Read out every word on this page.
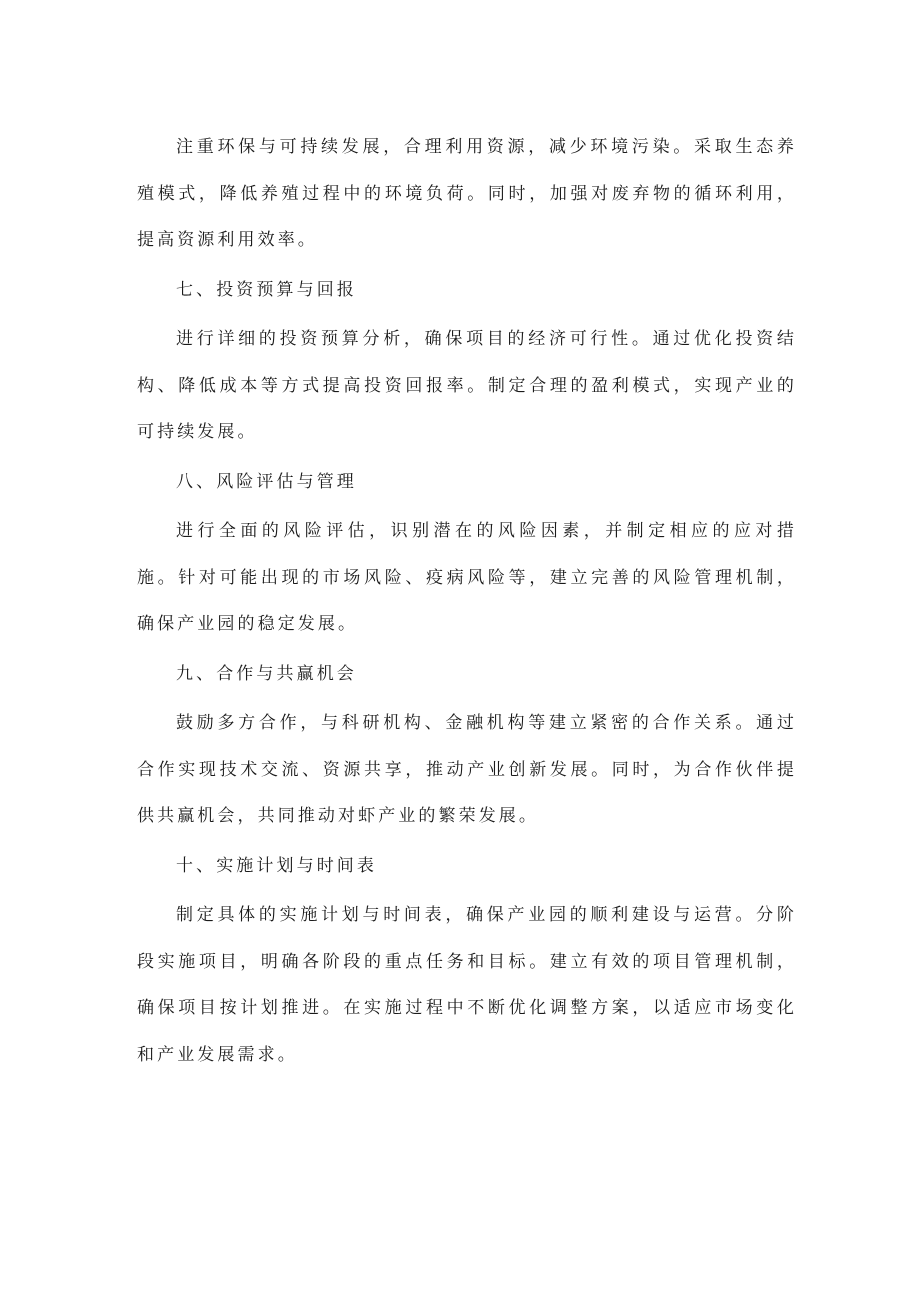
注重环保与可持续发展，合理利用资源，减少环境污染。采取生态养殖模式，降低养殖过程中的环境负荷。同时，加强对废弃物的循环利用，提高资源利用效率。

七、投资预算与回报

进行详细的投资预算分析，确保项目的经济可行性。通过优化投资结构、降低成本等方式提高投资回报率。制定合理的盈利模式，实现产业的可持续发展。

八、风险评估与管理

进行全面的风险评估，识别潜在的风险因素，并制定相应的应对措施。针对可能出现的市场风险、疫病风险等，建立完善的风险管理机制，确保产业园的稳定发展。

九、合作与共赢机会

鼓励多方合作，与科研机构、金融机构等建立紧密的合作关系。通过合作实现技术交流、资源共享，推动产业创新发展。同时，为合作伙伴提供共赢机会，共同推动对虾产业的繁荣发展。

十、实施计划与时间表

制定具体的实施计划与时间表，确保产业园的顺利建设与运营。分阶段实施项目，明确各阶段的重点任务和目标。建立有效的项目管理机制，确保项目按计划推进。在实施过程中不断优化调整方案，以适应市场变化和产业发展需求。
